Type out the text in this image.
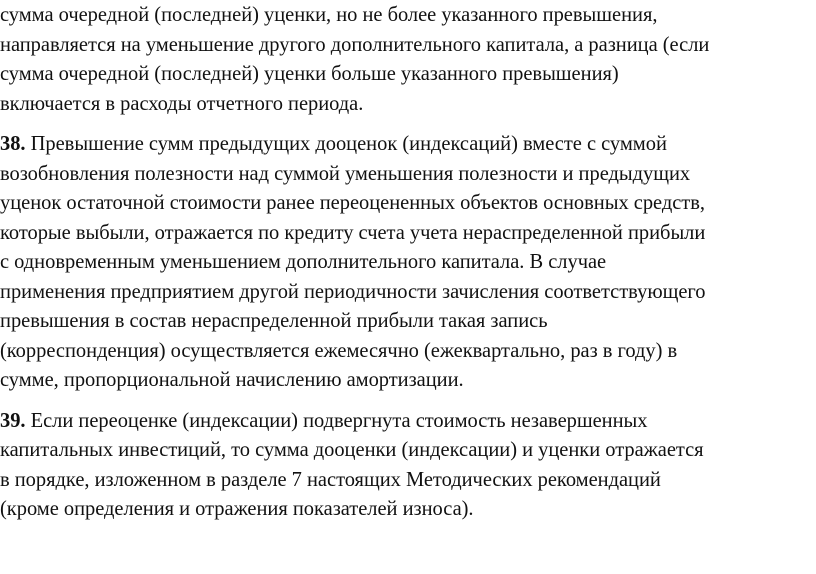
сумма очередной (последней) уценки, но не более указанного превышения,
направляется на уменьшение другого дополнительного капитала, а разница (если
сумма очередной (последней) уценки больше указанного превышения)
включается в расходы отчетного периода.
38. Превышение сумм предыдущих дооценок (индексаций) вместе с суммой
возобновления полезности над суммой уменьшения полезности и предыдущих
уценок остаточной стоимости ранее переоцененных объектов основных средств,
которые выбыли, отражается по кредиту счета учета нераспределенной прибыли
с одновременным уменьшением дополнительного капитала. В случае
применения предприятием другой периодичности зачисления соответствующего
превышения в состав нераспределенной прибыли такая запись
(корреспонденция) осуществляется ежемесячно (ежеквартально, раз в году) в
сумме, пропорциональной начислению амортизации.
39. Если переоценке (индексации) подвергнута стоимость незавершенных
капитальных инвестиций, то сумма дооценки (индексации) и уценки отражается
в порядке, изложенном в разделе 7 настоящих Методических рекомендаций
(кроме определения и отражения показателей износа).
